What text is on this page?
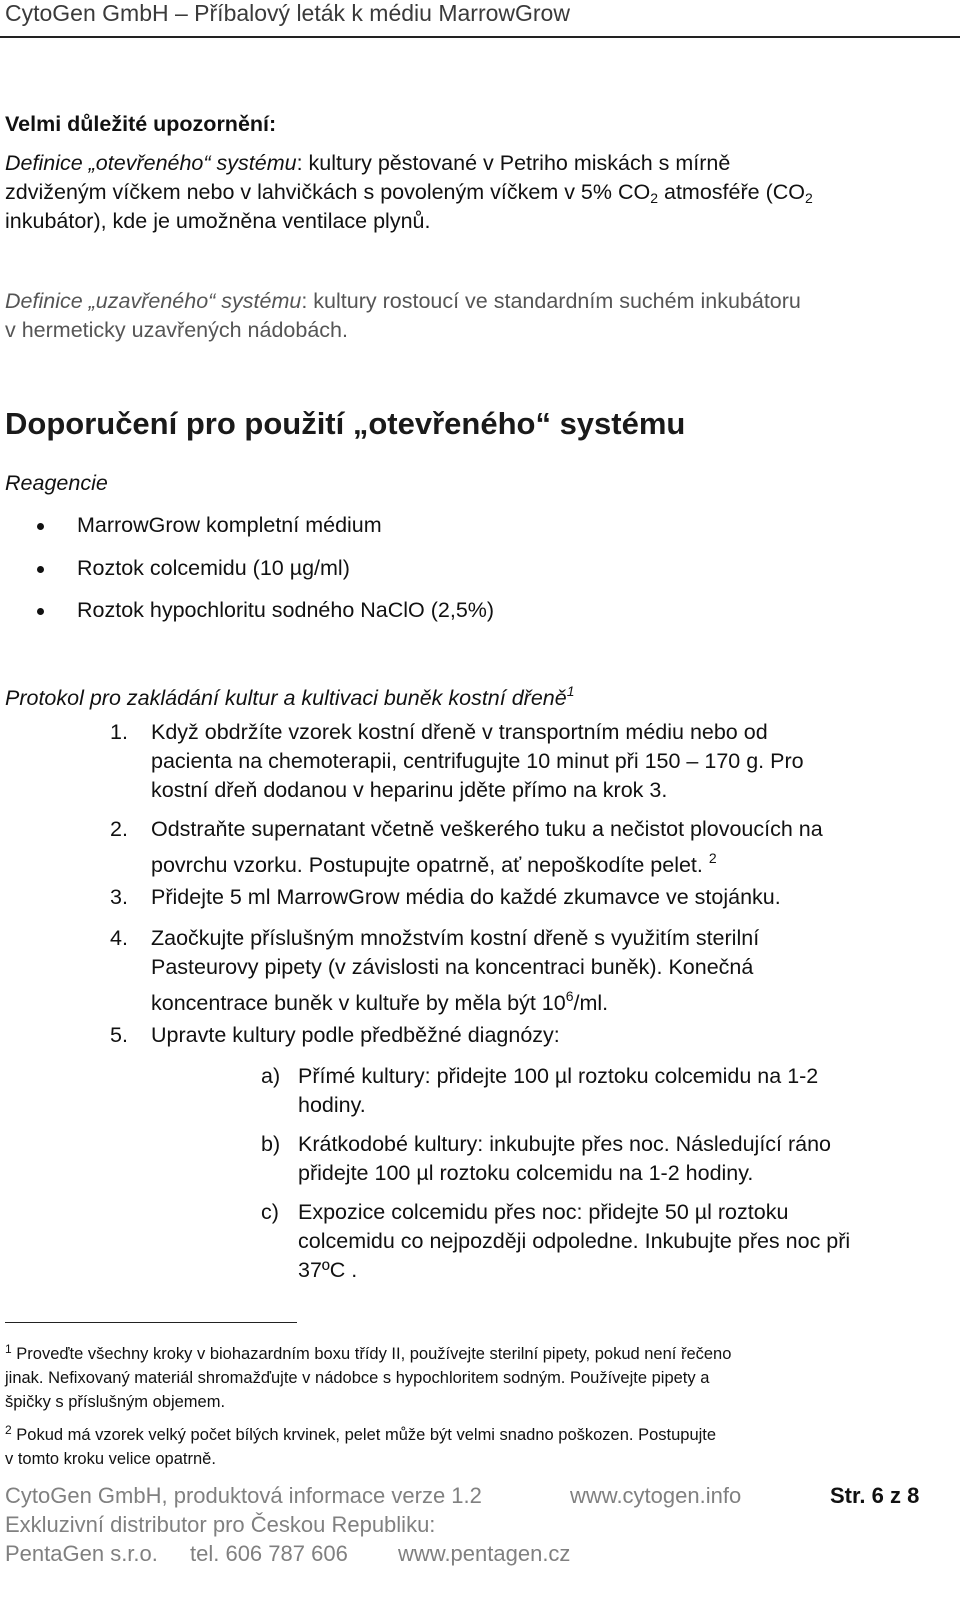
CytoGen GmbH – Příbalový leták k médiu MarrowGrow
Velmi důležité upozornění:
Definice „otevřeného“ systému: kultury pěstované v Petriho miskách s mírně
zdviženým víčkem nebo v lahvičkách s povoleným víčkem v 5% $CO_2$ atmosféře ($CO_2$
inkubátor), kde je umožněna ventilace plynů.
Definice „uzavřeného“ systému: kultury rostoucí ve standardním suchém inkubátoru
v hermeticky uzavřených nádobách.
Doporučení pro použití „otevřeného“ systému
Reagencie
MarrowGrow kompletní médium
Roztok colcemidu (10 µg/ml)
Roztok hypochloritu sodného NaClO (2,5%)
Protokol pro zakládání kultur a kultivaci buněk kostní dřeně$^1$
1. Když obdržíte vzorek kostní dřeně v transportním médiu nebo od
pacienta na chemoterapii, centrifugujte 10 minut při 150 – 170 g. Pro
kostní dřeň dodanou v heparinu jděte přímo na krok 3.
2. Odstraňte supernatant včetně veškerého tuku a nečistot plovoucích na
povrchu vzorku. Postupujte opatrně, ať nepoškodíte pelet. $^2$
3. Přidejte 5 ml MarrowGrow média do každé zkumavce ve stojánku.
4. Zaočkujte příslušným množstvím kostní dřeně s využitím sterilní
Pasteurovy pipety (v závislosti na koncentraci buněk). Konečná
koncentrace buněk v kultuře by měla být $10^6/ml$.
5. Upravte kultury podle předběžné diagnózy:
a) Přímé kultury: přidejte 100 µl roztoku colcemidu na 1-2
hodiny.
b) Krátkodobé kultury: inkubujte přes noc. Následující ráno
přidejte 100 µl roztoku colcemidu na 1-2 hodiny.
c) Expozice colcemidu přes noc: přidejte 50 µl roztoku
colcemidu co nejpozději odpoledne. Inkubujte přes noc při
37ºC .
$^1$ Proveďte všechny kroky v biohazardním boxu třídy II, používejte sterilní pipety, pokud není řečeno
jinak. Nefixovaný materiál shromažďujte v nádobce s hypochloritem sodným. Používejte pipety a
špičky s příslušným objemem.
$^2$ Pokud má vzorek velký počet bílých krvinek, pelet může být velmi snadno poškozen. Postupujte
v tomto kroku velice opatrně.
CytoGen GmbH, produktová informace verze 1.2	www.cytogen.info	Str. 6 z 8
Exkluzivní distributor pro Českou Republiku:
PentaGen s.r.o. tel. 606 787 606 www.pentagen.cz
